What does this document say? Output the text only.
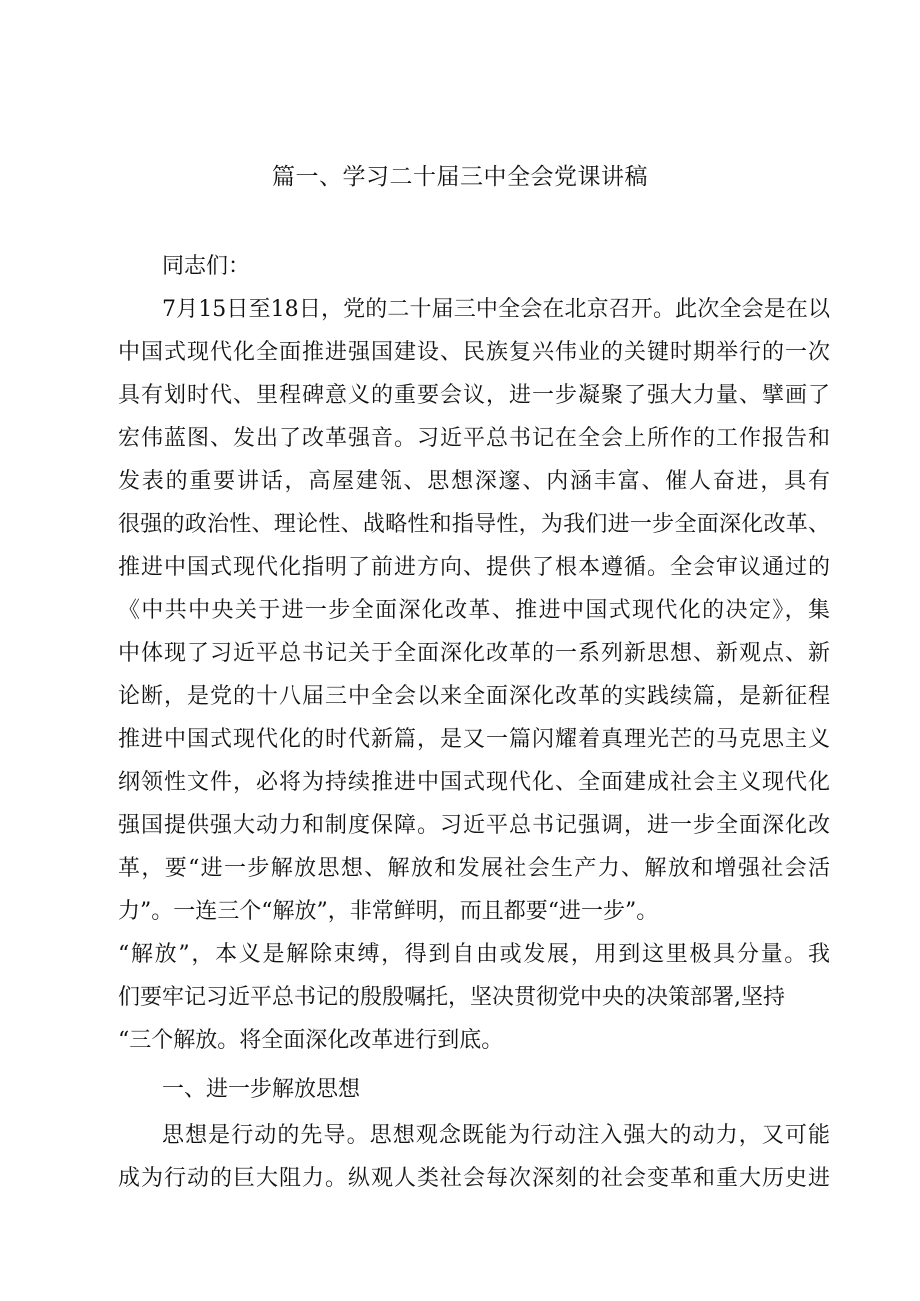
篇一、学习二十届三中全会党课讲稿
同志们：
7月15日至18日，党的二十届三中全会在北京召开。此次全会是在以
中国式现代化全面推进强国建设、民族复兴伟业的关键时期举行的一次
具有划时代、里程碑意义的重要会议，进一步凝聚了强大力量、擘画了
宏伟蓝图、发出了改革强音。习近平总书记在全会上所作的工作报告和
发表的重要讲话，高屋建瓴、思想深邃、内涵丰富、催人奋进，具有
很强的政治性、理论性、战略性和指导性，为我们进一步全面深化改革、
推进中国式现代化指明了前进方向、提供了根本遵循。全会审议通过的
《中共中央关于进一步全面深化改革、推进中国式现代化的决定》，集
中体现了习近平总书记关于全面深化改革的一系列新思想、新观点、新
论断，是党的十八届三中全会以来全面深化改革的实践续篇，是新征程
推进中国式现代化的时代新篇，是又一篇闪耀着真理光芒的马克思主义
纲领性文件，必将为持续推进中国式现代化、全面建成社会主义现代化
强国提供强大动力和制度保障。习近平总书记强调，进一步全面深化改
革，要“进一步解放思想、解放和发展社会生产力、解放和增强社会活
力”。一连三个“解放”，非常鲜明，而且都要“进一步”。
“解放”，本义是解除束缚，得到自由或发展，用到这里极具分量。我
们要牢记习近平总书记的殷殷嘱托，坚决贯彻党中央的决策部署,坚持
“三个解放。将全面深化改革进行到底。
一、进一步解放思想
思想是行动的先导。思想观念既能为行动注入强大的动力，又可能
成为行动的巨大阻力。纵观人类社会每次深刻的社会变革和重大历史进
